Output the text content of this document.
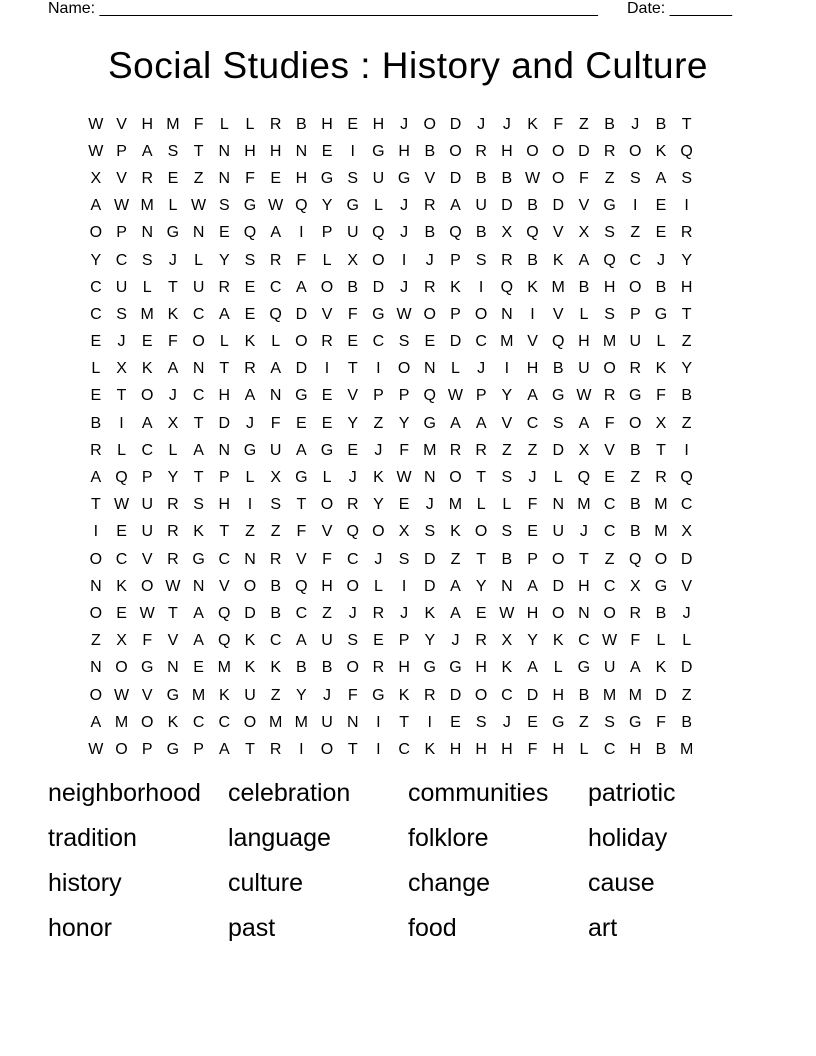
Name: ________________________________________________________ Date: _______
Social Studies : History and Culture
W V H M F	L	L R B H E H J O D J	J	K F Z B	J	B T
W P A S T N H H N E	I	G H B O R H O O D R O K Q
X V R E Z N F E H G S U G V D B B W O F Z S A S
A W M L W S G W Q Y G L	J R A U D B D V G	I	E	I
O P N G N E Q A	I	P U Q J	B Q B X Q V X S Z E R
Y C S	J	L Y S R F	L X O	I	J	P S R B K A Q C J	Y
C U L	T U R E C A O B D J R K	I	Q K M B H O B H
C S M K C A E Q D V F G W O P O N	I	V L S P G T
E	J	E F O L K L O R E C S E D C M V Q H M U L	Z
L X K A N T R A D	I	T	I	O N L	J	I	H B U O R K Y
E T O J C H A N G E V P P Q W P Y A G W R G F B
B	I	A X T D J	F E E Y Z Y G A A V C S A F O X Z
R L C L A N G U A G E	J	F M R R Z Z D X V B T	I
A Q P Y T P L X G L	J	K W N O T S	J	L Q E Z R Q
T W U R S H	I	S T O R Y E	J M L	L	F N M C B M C
I	E U R K T Z Z F V Q O X S K O S E U J C B M X
O C V R G C N R V F C J	S D Z T B P O T Z Q O D
N K O W N V O B Q H O L	I	D A Y N A D H C X G V
O E W T A Q D B C Z	J R J	K A E W H O N O R B	J
Z X F V A Q K C A U S E P Y	J R X Y K C W F	L	L
N O G N E M K K B B O R H G G H K A L G U A K D
O W V G M K U Z Y	J	F G K R D O C D H B M M D Z
A M O K C C O M M U N	I	T	I	E S	J	E G Z S G F B
W O P G P A T R	I	O T	I	C K H H H F H L C H B M
neighborhood	celebration	communities	patriotic
tradition	language	folklore	holiday
history	culture	change	cause
honor	past	food	art
